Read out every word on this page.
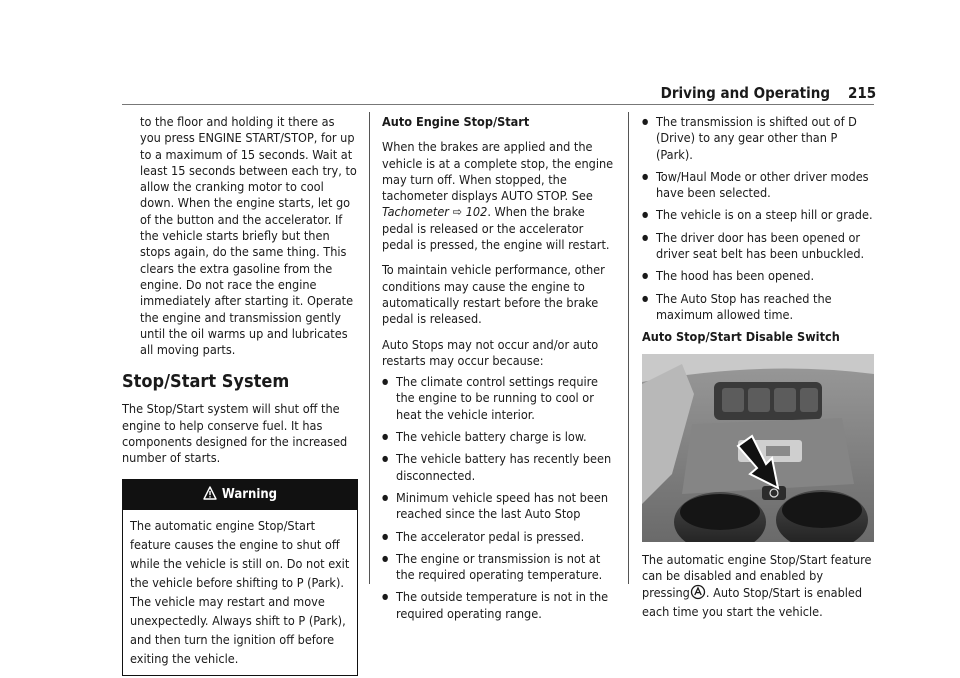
Driving and Operating 215

to the floor and holding it there as you press ENGINE START/STOP, for up to a maximum of 15 seconds. Wait at least 15 seconds between each try, to allow the cranking motor to cool down. When the engine starts, let go of the button and the accelerator. If the vehicle starts briefly but then stops again, do the same thing. This clears the extra gasoline from the engine. Do not race the engine immediately after starting it. Operate the engine and transmission gently until the oil warms up and lubricates all moving parts.

Stop/Start System

The Stop/Start system will shut off the engine to help conserve fuel. It has components designed for the increased number of starts.

Warning
The automatic engine Stop/Start feature causes the engine to shut off while the vehicle is still on. Do not exit the vehicle before shifting to P (Park). The vehicle may restart and move unexpectedly. Always shift to P (Park), and then turn the ignition off before exiting the vehicle.

Auto Engine Stop/Start

When the brakes are applied and the vehicle is at a complete stop, the engine may turn off. When stopped, the tachometer displays AUTO STOP. See Tachometer ⇨ 102. When the brake pedal is released or the accelerator pedal is pressed, the engine will restart.

To maintain vehicle performance, other conditions may cause the engine to automatically restart before the brake pedal is released.

Auto Stops may not occur and/or auto restarts may occur because:

● The climate control settings require the engine to be running to cool or heat the vehicle interior.
● The vehicle battery charge is low.
● The vehicle battery has recently been disconnected.
● Minimum vehicle speed has not been reached since the last Auto Stop
● The accelerator pedal is pressed.
● The engine or transmission is not at the required operating temperature.
● The outside temperature is not in the required operating range.
● The transmission is shifted out of D (Drive) to any gear other than P (Park).
● Tow/Haul Mode or other driver modes have been selected.
● The vehicle is on a steep hill or grade.
● The driver door has been opened or driver seat belt has been unbuckled.
● The hood has been opened.
● The Auto Stop has reached the maximum allowed time.

Auto Stop/Start Disable Switch

The automatic engine Stop/Start feature can be disabled and enabled by pressing . Auto Stop/Start is enabled each time you start the vehicle.
